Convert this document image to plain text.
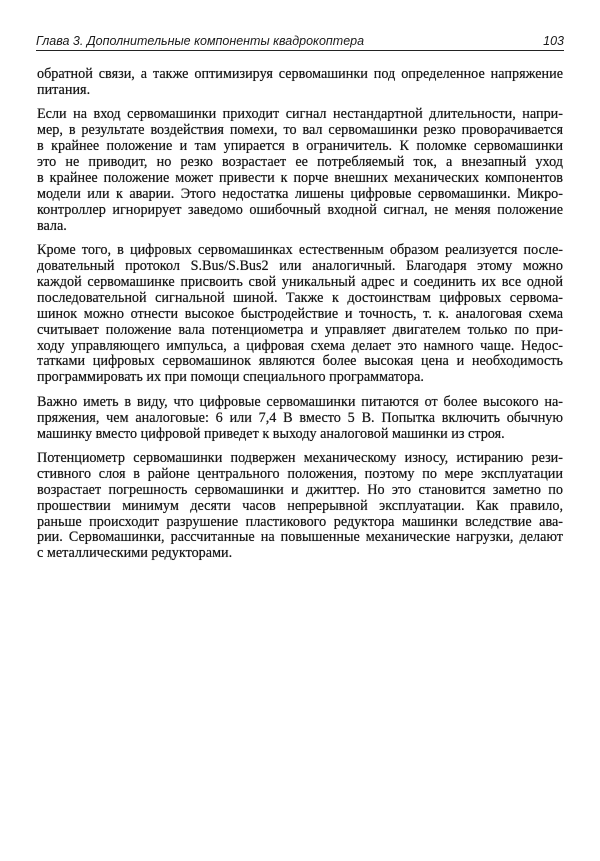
Глава 3. Дополнительные компоненты квадрокоптера	103

обратной связи, а также оптимизируя сервомашинки под определенное напряжение
питания.

Если на вход сервомашинки приходит сигнал нестандартной длительности, напри-
мер, в результате воздействия помехи, то вал сервомашинки резко проворачивается
в крайнее положение и там упирается в ограничитель. К поломке сервомашинки
это не приводит, но резко возрастает ее потребляемый ток, а внезапный уход
в крайнее положение может привести к порче внешних механических компонентов
модели или к аварии. Этого недостатка лишены цифровые сервомашинки. Микро-
контроллер игнорирует заведомо ошибочный входной сигнал, не меняя положение
вала.

Кроме того, в цифровых сервомашинках естественным образом реализуется после-
довательный протокол S.Bus/S.Bus2 или аналогичный. Благодаря этому можно
каждой сервомашинке присвоить свой уникальный адрес и соединить их все одной
последовательной сигнальной шиной. Также к достоинствам цифровых сервома-
шинок можно отнести высокое быстродействие и точность, т. к. аналоговая схема
считывает положение вала потенциометра и управляет двигателем только по при-
ходу управляющего импульса, а цифровая схема делает это намного чаще. Недос-
татками цифровых сервомашинок являются более высокая цена и необходимость
программировать их при помощи специального программатора.

Важно иметь в виду, что цифровые сервомашинки питаются от более высокого на-
пряжения, чем аналоговые: 6 или 7,4 В вместо 5 В. Попытка включить обычную
машинку вместо цифровой приведет к выходу аналоговой машинки из строя.

Потенциометр сервомашинки подвержен механическому износу, истиранию рези-
стивного слоя в районе центрального положения, поэтому по мере эксплуатации
возрастает погрешность сервомашинки и джиттер. Но это становится заметно по
прошествии минимум десяти часов непрерывной эксплуатации. Как правило,
раньше происходит разрушение пластикового редуктора машинки вследствие ава-
рии. Сервомашинки, рассчитанные на повышенные механические нагрузки, делают
с металлическими редукторами.
